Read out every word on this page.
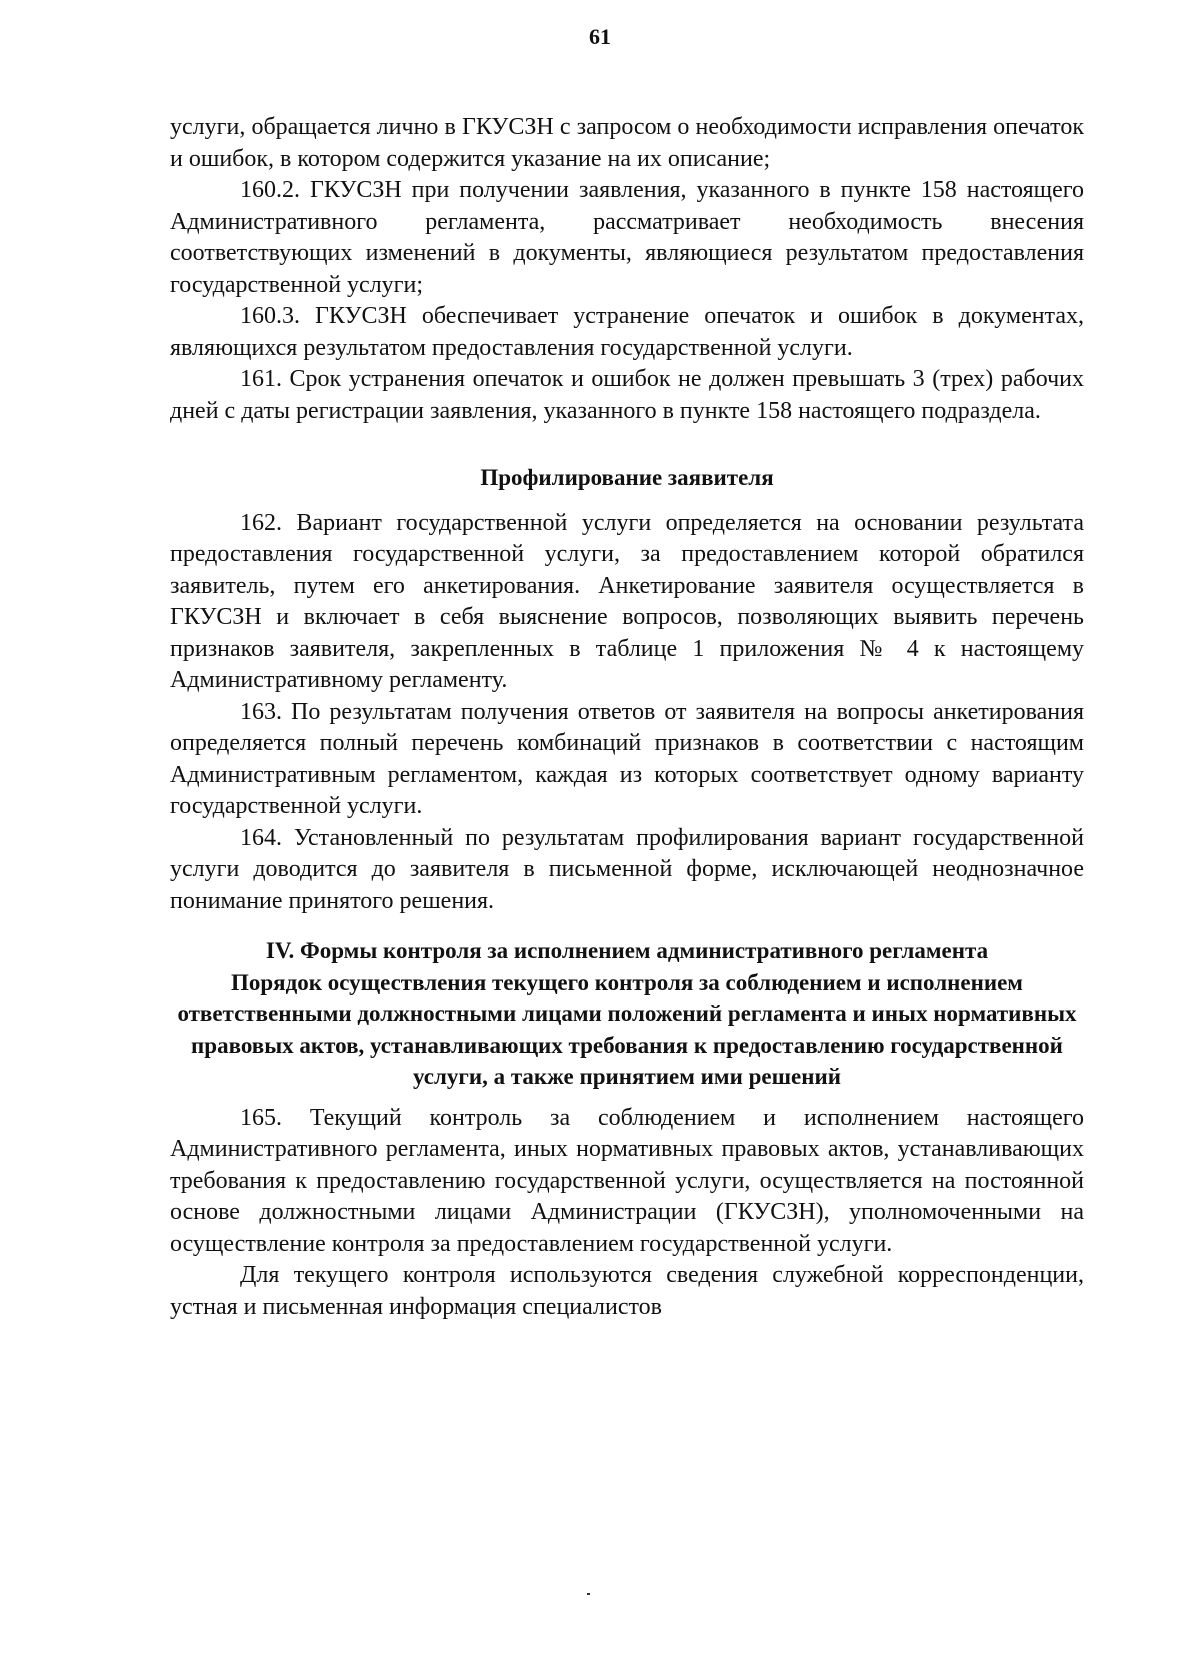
61

услуги, обращается лично в ГКУСЗН с запросом о необходимости исправления опечаток и ошибок, в котором содержится указание на их описание;

160.2. ГКУСЗН при получении заявления, указанного в пункте 158 настоящего Административного регламента, рассматривает необходимость внесения соответствующих изменений в документы, являющиеся результатом предоставления государственной услуги;

160.3. ГКУСЗН обеспечивает устранение опечаток и ошибок в документах, являющихся результатом предоставления государственной услуги.

161. Срок устранения опечаток и ошибок не должен превышать 3 (трех) рабочих дней с даты регистрации заявления, указанного в пункте 158 настоящего подраздела.

Профилирование заявителя

162. Вариант государственной услуги определяется на основании результата предоставления государственной услуги, за предоставлением которой обратился заявитель, путем его анкетирования. Анкетирование заявителя осуществляется в ГКУСЗН и включает в себя выяснение вопросов, позволяющих выявить перечень признаков заявителя, закрепленных в таблице 1 приложения № 4 к настоящему Административному регламенту.

163. По результатам получения ответов от заявителя на вопросы анкетирования определяется полный перечень комбинаций признаков в соответствии с настоящим Административным регламентом, каждая из которых соответствует одному варианту государственной услуги.

164. Установленный по результатам профилирования вариант государственной услуги доводится до заявителя в письменной форме, исключающей неоднозначное понимание принятого решения.

IV. Формы контроля за исполнением административного регламента

Порядок осуществления текущего контроля за соблюдением и исполнением ответственными должностными лицами положений регламента и иных нормативных правовых актов, устанавливающих требования к предоставлению государственной услуги, а также принятием ими решений

165. Текущий контроль за соблюдением и исполнением настоящего Административного регламента, иных нормативных правовых актов, устанавливающих требования к предоставлению государственной услуги, осуществляется на постоянной основе должностными лицами Администрации (ГКУСЗН), уполномоченными на осуществление контроля за предоставлением государственной услуги.

Для текущего контроля используются сведения служебной корреспонденции, устная и письменная информация специалистов
